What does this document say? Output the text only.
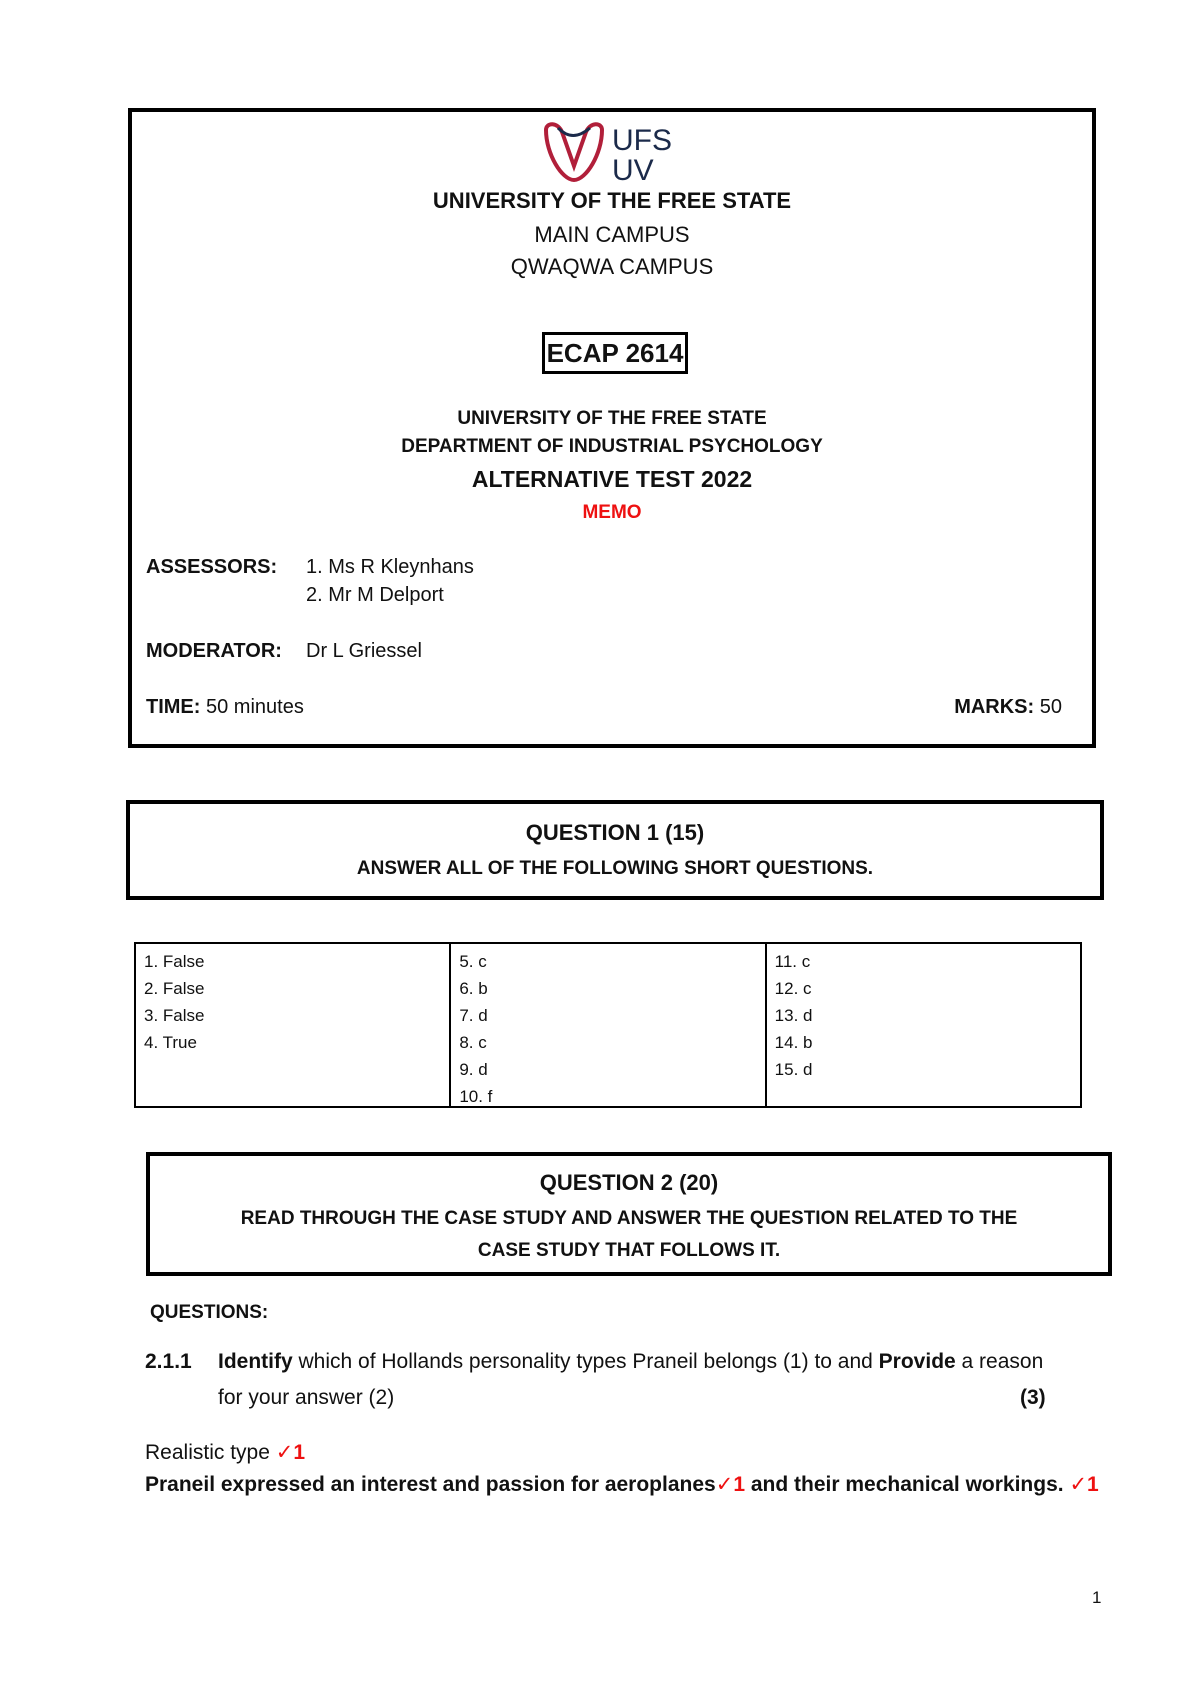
UNIVERSITY OF THE FREE STATE
MAIN CAMPUS
QWAQWA CAMPUS
ECAP 2614
UNIVERSITY OF THE FREE STATE
DEPARTMENT OF INDUSTRIAL PSYCHOLOGY
ALTERNATIVE TEST 2022
MEMO
ASSESSORS: 1. Ms R Kleynhans
2. Mr M Delport
MODERATOR: Dr L Griessel
TIME: 50 minutes	MARKS: 50
UFS
UV
QUESTION 1 (15)
ANSWER ALL OF THE FOLLOWING SHORT QUESTIONS.
1. False
2. False
3. False
4. True
5. c
6. b
7. d
8. c
9. d
10. f
11. c
12. c
13. d
14. b
15. d
QUESTION 2 (20)
READ THROUGH THE CASE STUDY AND ANSWER THE QUESTION RELATED TO THE
CASE STUDY THAT FOLLOWS IT.
QUESTIONS:
2.1.1 Identify which of Hollands personality types Praneil belongs (1) to and Provide a reason
for your answer (2)	(3)
Realistic type ✓1
Praneil expressed an interest and passion for aeroplanes✓1 and their mechanical workings. ✓1
1
